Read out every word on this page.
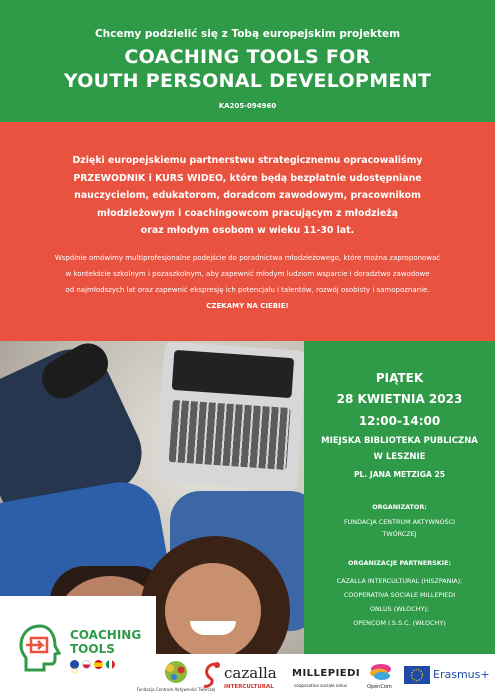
Chcemy podzielić się z Tobą europejskim projektem
COACHING TOOLS FOR
YOUTH PERSONAL DEVELOPMENT
KA205-094960
Dzięki europejskiemu partnerstwu strategicznemu opracowaliśmy
PRZEWODNIK i KURS WIDEO, które będą bezpłatnie udostępniane
nauczycielom, edukatorom, doradcom zawodowym, pracownikom
młodzieżowym i coachingowcom pracującym z młodzieżą
oraz młodym osobom w wieku 11-30 lat.
Wspólnie omówimy multiprofesjonalne podejście do poradnictwa młodzieżowego, które można zaproponować
w kontekście szkolnym i pozaszkolnym, aby zapewnić młodym ludziom wsparcie i doradztwo zawodowe
od najmłodszych lat oraz zapewnić ekspresję ich potencjału i talentów, rozwój osobisty i samopoznanie.
CZEKAMY NA CIEBIE!
PIĄTEK
28 KWIETNIA 2023
12:00-14:00
MIEJSKA BIBLIOTEKA PUBLICZNA
W LESZNIE
PL. JANA METZIGA 25
ORGANIZATOR:
FUNDACJA CENTRUM AKTYWNOŚCI
TWÓRCZEJ
ORGANIZACJE PARTNERSKIE:
CAZALLA INTERCULTURAL (HISZPANIA);
COOPERATIVA SOCIALE MILLEPIEDI
ONLUS (WŁOCHY);
OPENCOM I.S.S.C. (WŁOCHY)
COACHING
TOOLS
Fundacja Centrum Aktywności Twórczej
cazalla
INTERCULTURAL
MILLEPIEDI
cooperativa sociale onlus	OpenCom
Erasmus+
